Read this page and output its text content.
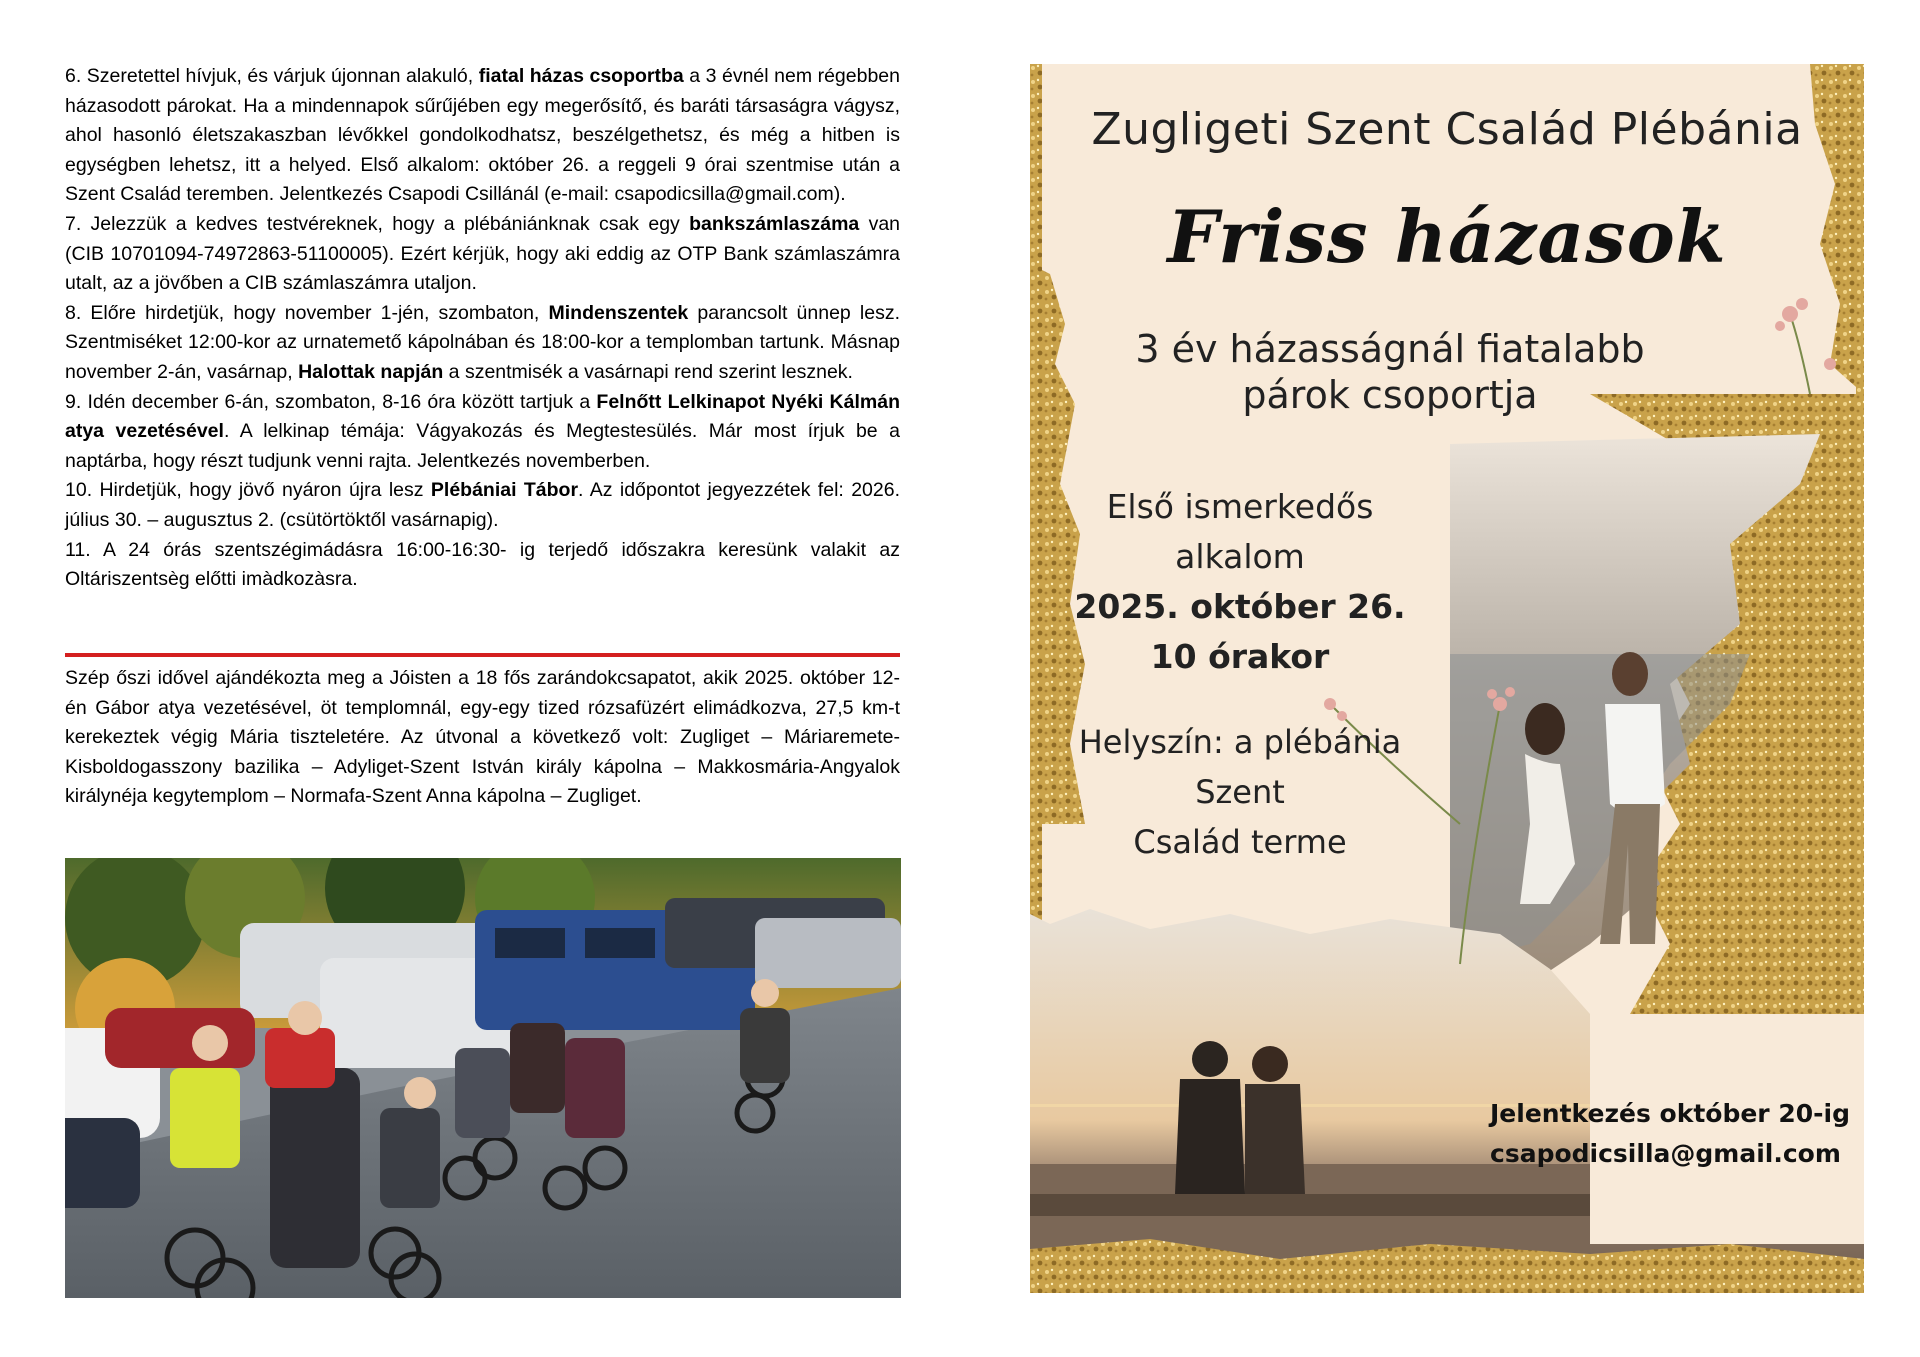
6. Szeretettel hívjuk, és várjuk újonnan alakuló, fiatal házas csoportba a 3 évnél nem régebben házasodott párokat. Ha a mindennapok sűrűjében egy megerősítő, és baráti társaságra vágysz, ahol hasonló életszakaszban lévőkkel gondolkodhatsz, beszélgethetsz, és még a hitben is egységben lehetsz, itt a helyed. Első alkalom: október 26. a reggeli 9 órai szentmise után a Szent Család teremben. Jelentkezés Csapodi Csillánál (e-mail: csapodicsilla@gmail.com).

7. Jelezzük a kedves testvéreknek, hogy a plébániánknak csak egy bankszámlaszáma van (CIB 10701094-74972863-51100005). Ezért kérjük, hogy aki eddig az OTP Bank számlaszámra utalt, az a jövőben a CIB számlaszámra utaljon.

8. Előre hirdetjük, hogy november 1-jén, szombaton, Mindenszentek parancsolt ünnep lesz. Szentmiséket 12:00-kor az urnatemető kápolnában és 18:00-kor a templomban tartunk. Másnap november 2-án, vasárnap, Halottak napján a szentmisék a vasárnapi rend szerint lesznek.

9. Idén december 6-án, szombaton, 8-16 óra között tartjuk a Felnőtt Lelkinapot Nyéki Kálmán atya vezetésével. A lelkinap témája: Vágyakozás és Megtestesülés. Már most írjuk be a naptárba, hogy részt tudjunk venni rajta. Jelentkezés novemberben.

10. Hirdetjük, hogy jövő nyáron újra lesz Plébániai Tábor. Az időpontot jegyezzétek fel: 2026. július 30. – augusztus 2. (csütörtöktől vasárnapig).

11. A 24 órás szentszégimádásra 16:00-16:30- ig terjedő időszakra keresünk valakit az Oltáriszentsèg előtti imàdkozàsra.

Szép őszi idővel ajándékozta meg a Jóisten a 18 fős zarándokcsapatot, akik 2025. október 12-én Gábor atya vezetésével, öt templomnál, egy-egy tized rózsafüzért elimádkozva, 27,5 km-t kerekeztek végig Mária tiszteletére. Az útvonal a következő volt: Zugliget – Máriaremete-Kisboldogasszony bazilika – Adyliget-Szent István király kápolna – Makkosmária-Angyalok királynéja kegytemplom – Normafa-Szent Anna kápolna – Zugliget.

Zugligeti Szent Család Plébánia
Friss házasok
3 év házasságnál fiatalabb
párok csoportja
Első ismerkedős
alkalom
2025. október 26.
10 órakor
Helyszín: a plébánia Szent
Család terme
Jelentkezés október 20-ig
csapodicsilla@gmail.com
